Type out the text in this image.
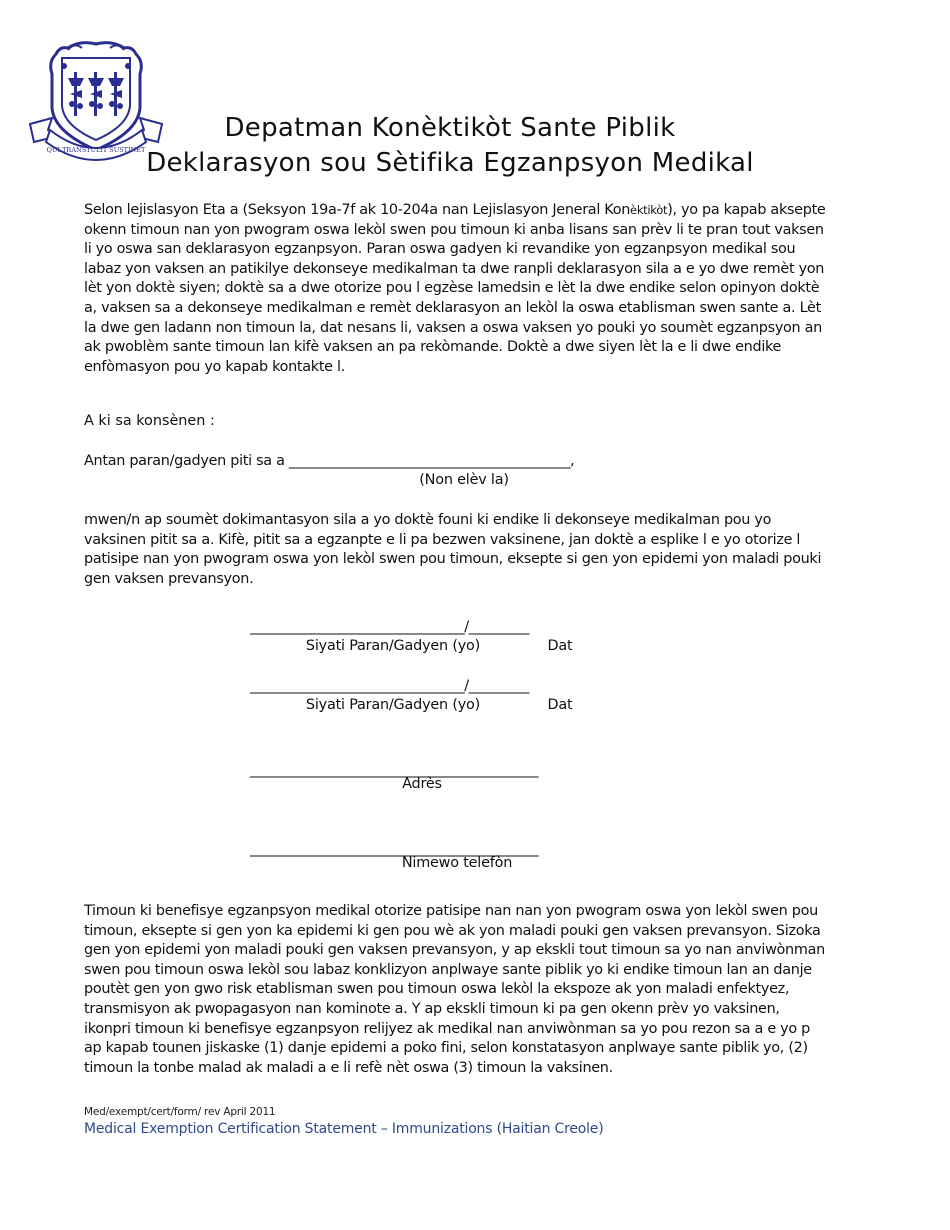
QUI TRANSTULIT SUSTINET
Depatman Konèktikòt Sante Piblik
Deklarasyon sou Sètifika Egzanpsyon Medikal

Selon lejislasyon Eta a (Seksyon 19a-7f ak 10-204a nan Lejislasyon Jeneral Konèktikòt), yo pa kapab aksepte okenn timoun nan yon pwogram oswa lekòl swen pou timoun ki anba lisans san prèv li te pran tout vaksen li yo oswa san deklarasyon egzanpsyon. Paran oswa gadyen ki revandike yon egzanpsyon medikal sou labaz yon vaksen an patikilye dekonseye medikalman ta dwe ranpli deklarasyon sila a e yo dwe remèt yon lèt yon doktè siyen; doktè sa a dwe otorize pou l egzèse lamedsin e lèt la dwe endike selon opinyon doktè a, vaksen sa a dekonseye medikalman e remèt deklarasyon an lekòl la oswa etablisman swen sante a. Lèt la dwe gen ladann non timoun la, dat nesans li, vaksen a oswa vaksen yo pouki yo soumèt egzanpsyon an ak pwoblèm sante timoun lan kifè vaksen an pa rekòmande. Doktè a dwe siyen lèt la e li dwe endike enfòmasyon pou yo kapab kontakte l.

A ki sa konsènen :
Antan paran/gadyen piti sa a __________________________________________,
(Non elèv la)

mwen/n ap soumèt dokimantasyon sila a yo doktè founi ki endike li dekonseye medikalman pou yo vaksinen pitit sa a. Kifè, pitit sa a egzanpte e li pa bezwen vaksinene, jan doktè a esplike l e yo otorize l patisipe nan yon pwogram oswa yon lekòl swen pou timoun, eksepte si gen yon epidemi yon maladi pouki gen vaksen prevansyon.

________________________________/_________
Siyati Paran/Gadyen (yo)	Dat
________________________________/_________
Siyati Paran/Gadyen (yo)	Dat
___________________________________________
Adrès
___________________________________________
Nimewo telefòn

Timoun ki benefisye egzanpsyon medikal otorize patisipe nan nan yon pwogram oswa yon lekòl swen pou timoun, eksepte si gen yon ka epidemi ki gen pou wè ak yon maladi pouki gen vaksen prevansyon. Sizoka gen yon epidemi yon maladi pouki gen vaksen prevansyon, y ap ekskli tout timoun sa yo nan anviwònman swen pou timoun oswa lekòl sou labaz konklizyon anplwaye sante piblik yo ki endike timoun lan an danje poutèt gen yon gwo risk etablisman swen pou timoun oswa lekòl la ekspoze ak yon maladi enfektyez, transmisyon ak pwopagasyon nan kominote a. Y ap ekskli timoun ki pa gen okenn prèv yo vaksinen, ikonpri timoun ki benefisye egzanpsyon relijyez ak medikal nan anviwònman sa yo pou rezon sa a e yo p ap kapab tounen jiskaske (1) danje epidemi a poko fini, selon konstatasyon anplwaye sante piblik yo, (2) timoun la tonbe malad ak maladi a e li refè nèt oswa (3) timoun la vaksinen.

Med/exempt/cert/form/ rev April 2011
Medical Exemption Certification Statement – Immunizations (Haitian Creole)
